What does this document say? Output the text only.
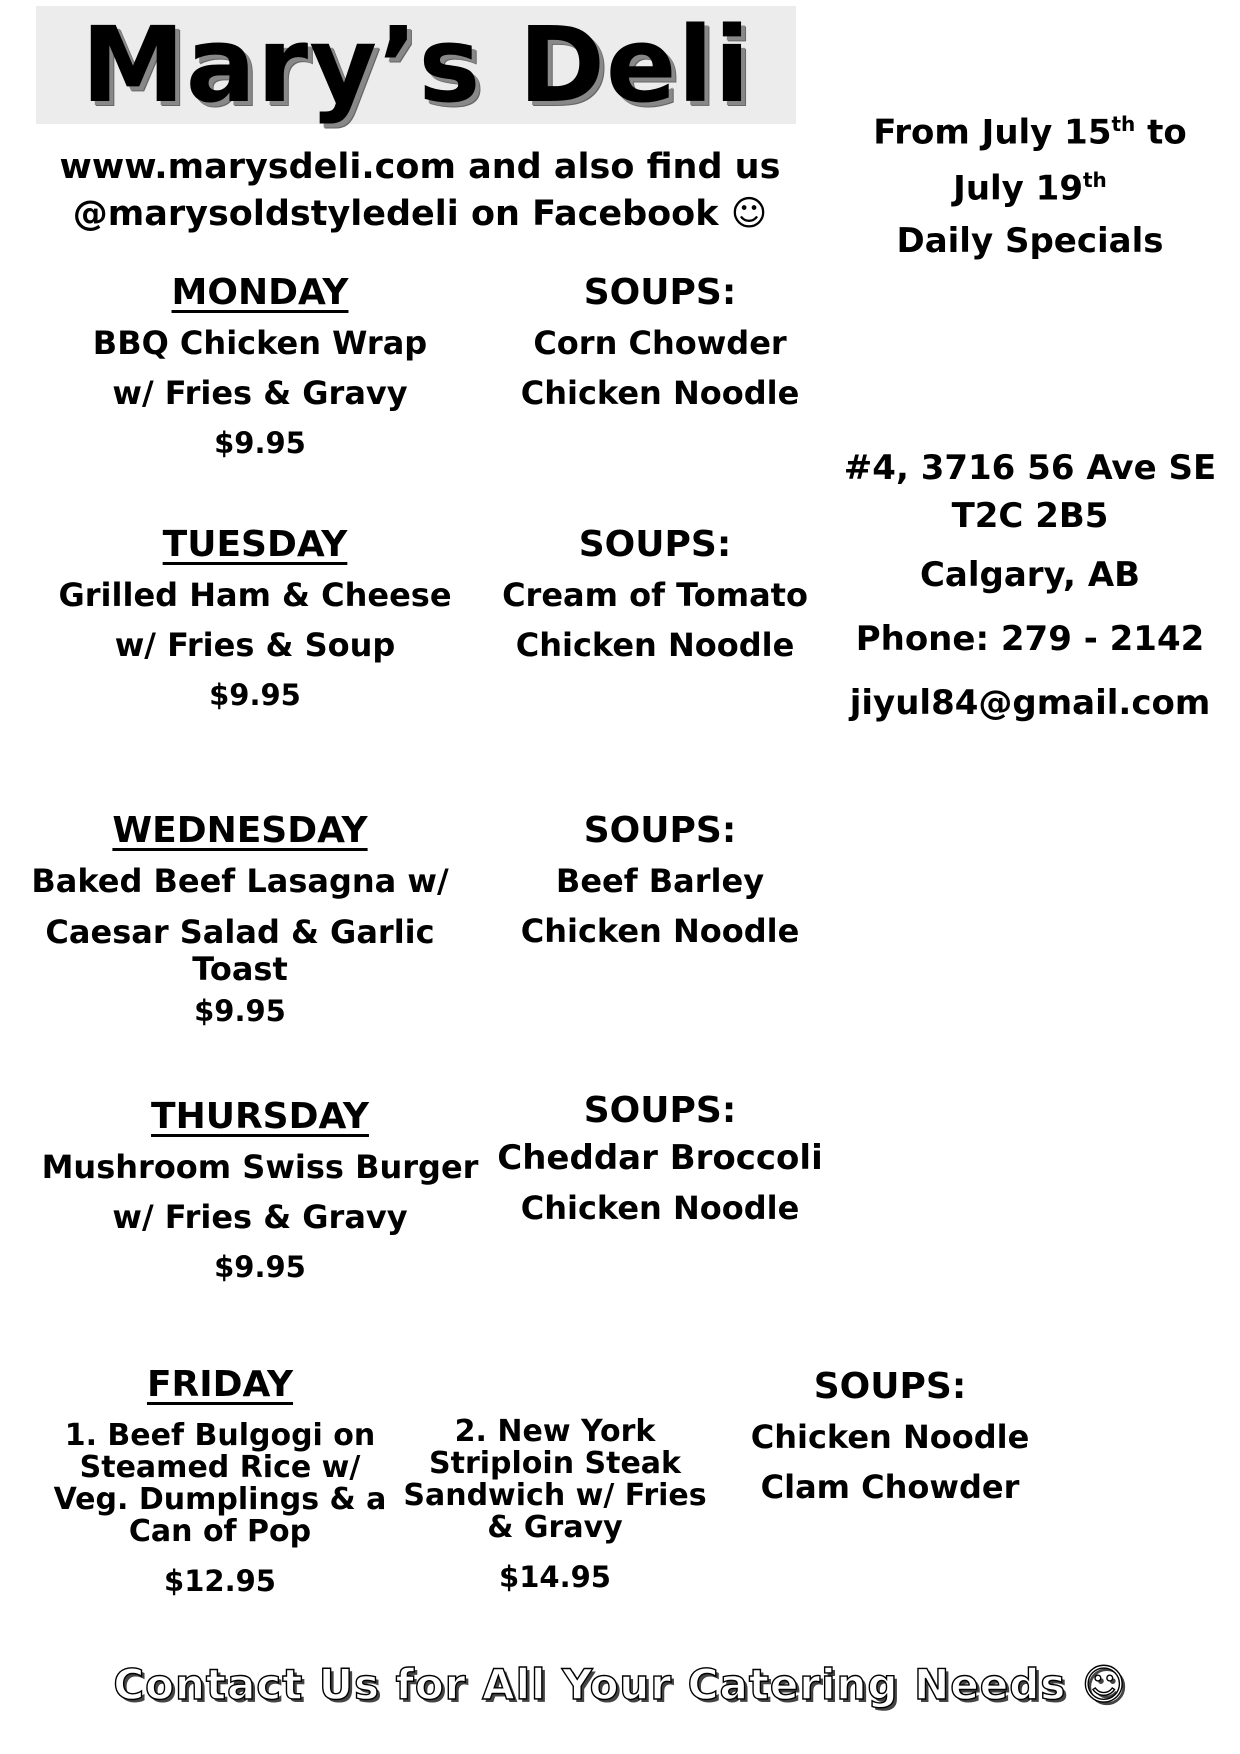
Mary’s Deli
www.marysdeli.com and also find us
@marysoldstyledeli on Facebook ☺
From July 15th to
July 19th
Daily Specials
#4, 3716 56 Ave SE
T2C 2B5
Calgary, AB
Phone: 279 - 2142
jiyul84@gmail.com
MONDAY
BBQ Chicken Wrap
w/ Fries & Gravy
$9.95
SOUPS:
Corn Chowder
Chicken Noodle
TUESDAY
Grilled Ham & Cheese
w/ Fries & Soup
$9.95
SOUPS:
Cream of Tomato
Chicken Noodle
WEDNESDAY
Baked Beef Lasagna w/
Caesar Salad & Garlic
Toast
$9.95
SOUPS:
Beef Barley
Chicken Noodle
THURSDAY
Mushroom Swiss Burger
w/ Fries & Gravy
$9.95
SOUPS:
Cheddar Broccoli
Chicken Noodle
FRIDAY
1. Beef Bulgogi on
Steamed Rice w/
Veg. Dumplings & a
Can of Pop
$12.95
2. New York
Striploin Steak
Sandwich w/ Fries
& Gravy
$14.95
SOUPS:
Chicken Noodle
Clam Chowder
Contact Us for All Your Catering Needs ☺
